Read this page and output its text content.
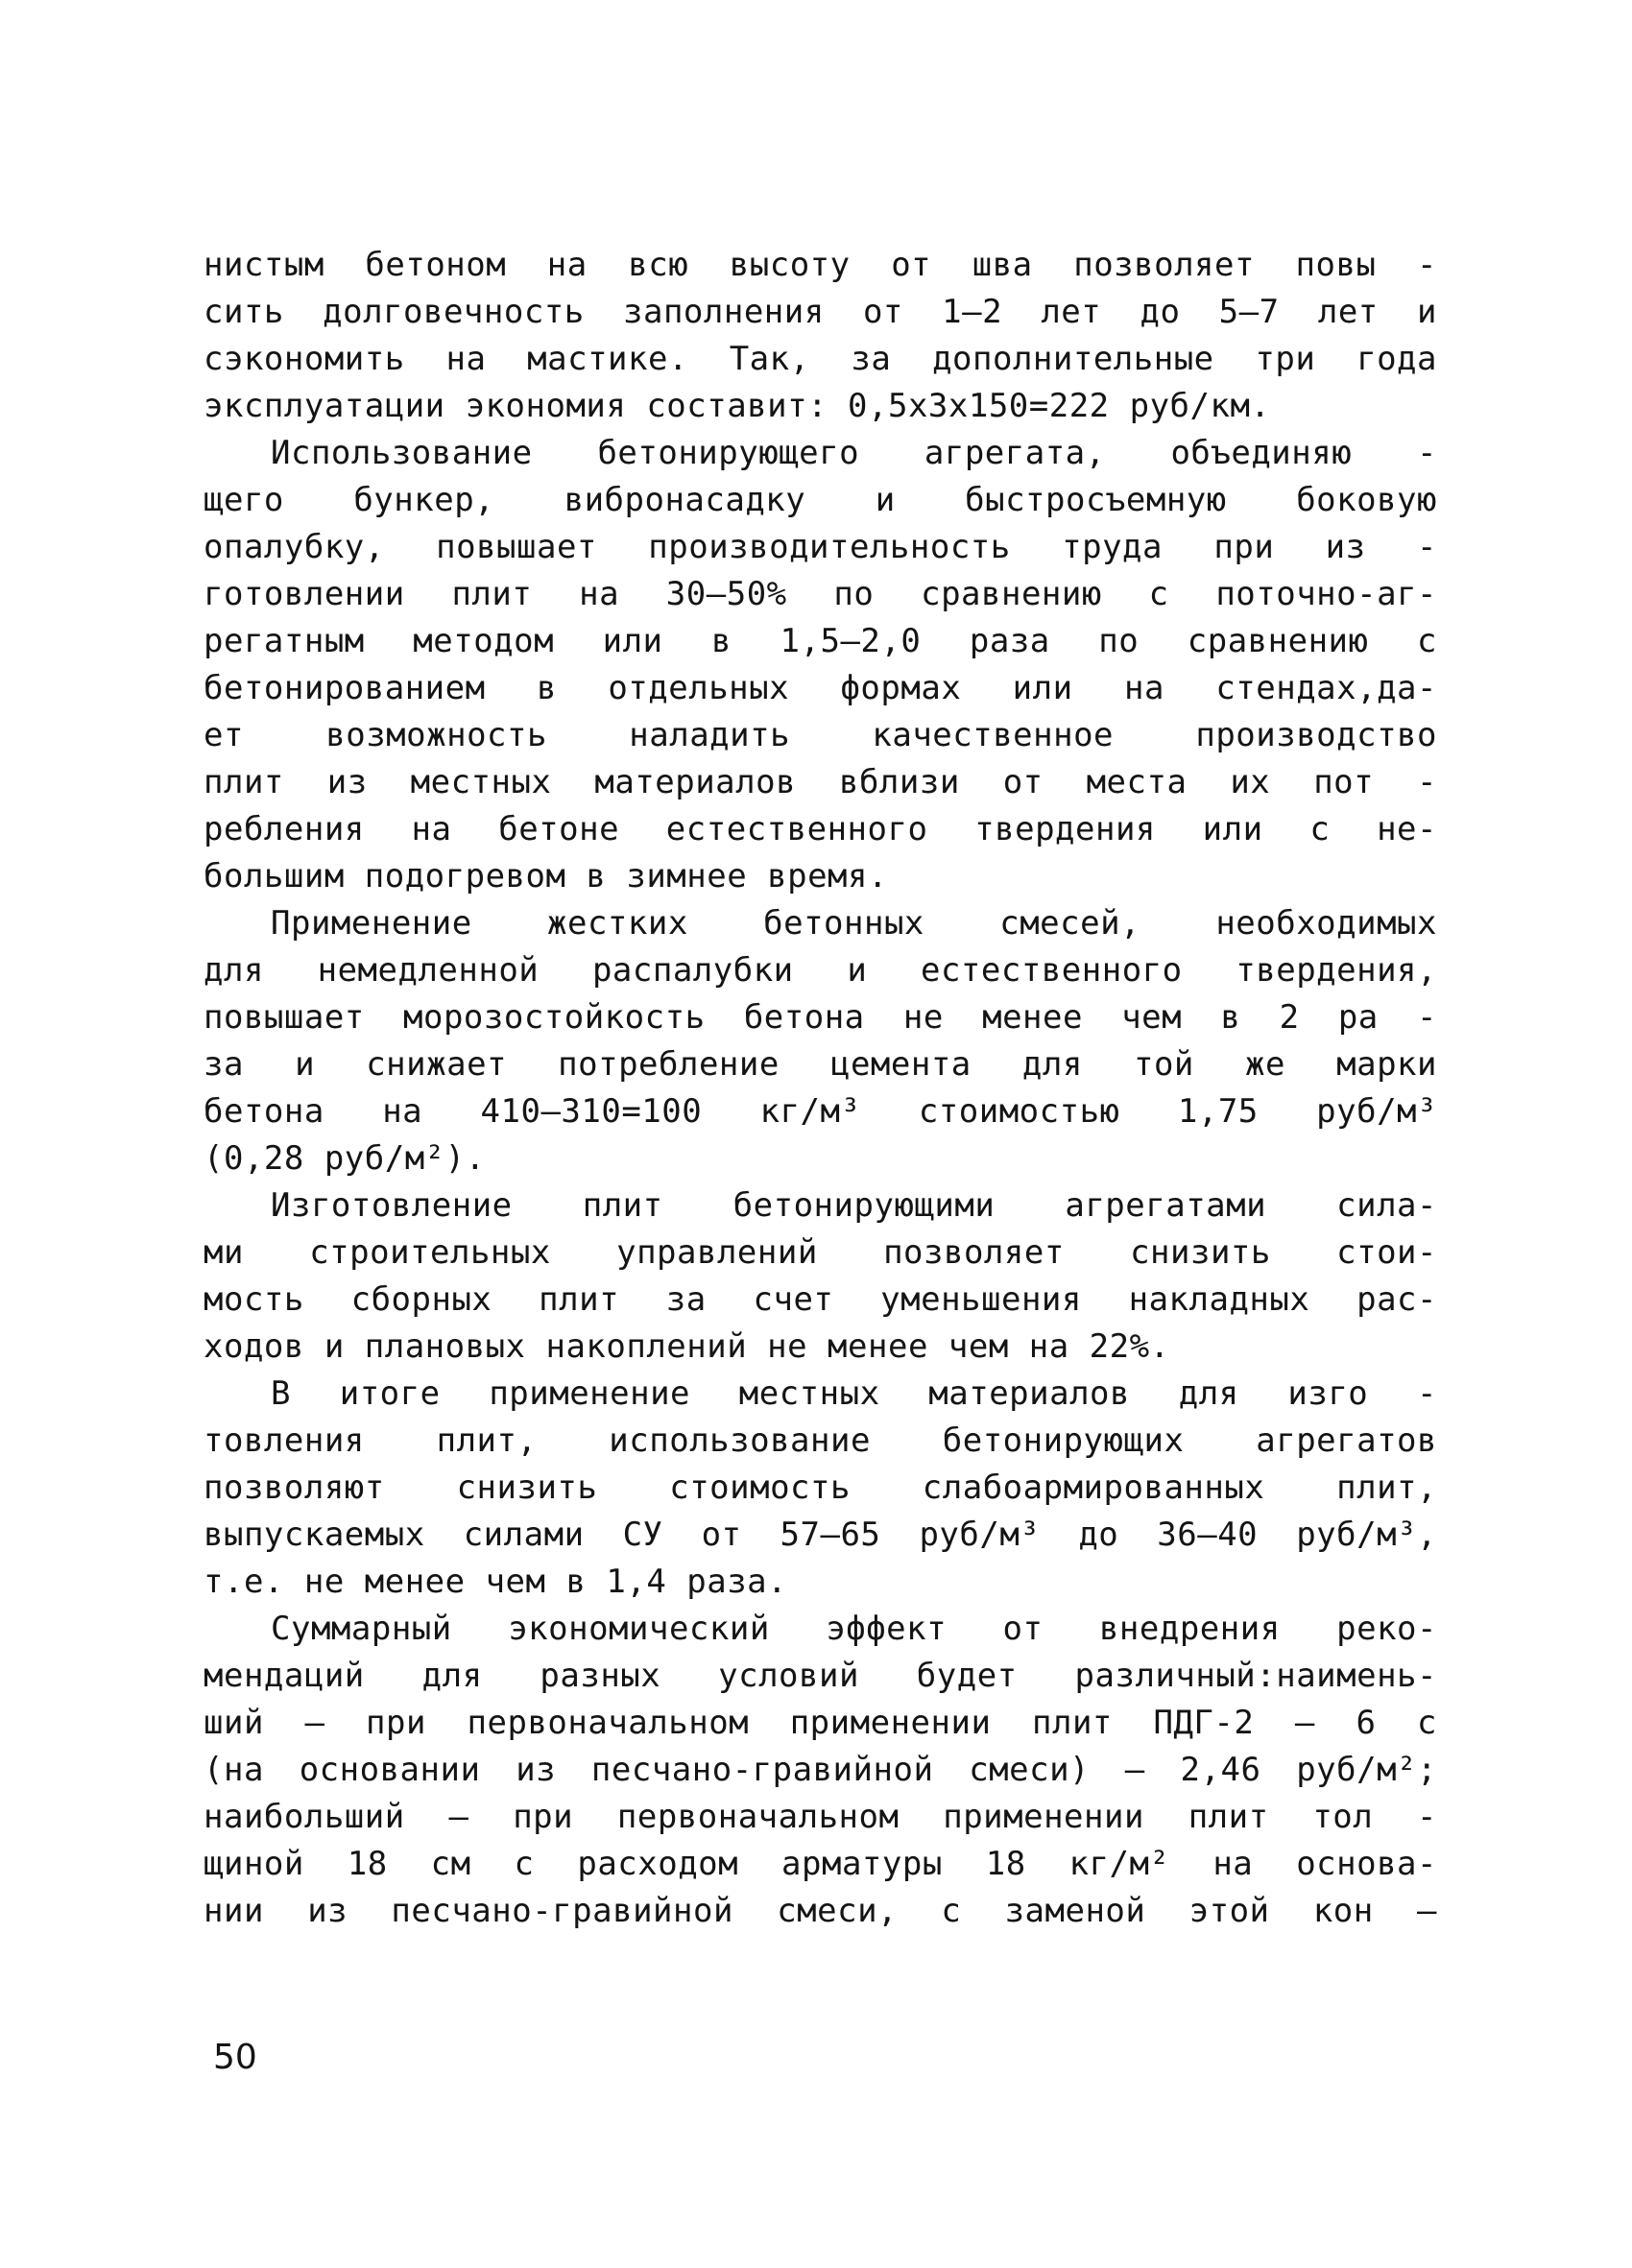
нистым бетоном на всю высоту от шва позволяет повы -
сить долговечность заполнения от 1–2 лет до 5–7 лет и
сэкономить на мастике. Так, за дополнительные три года
эксплуатации экономия составит: 0,5х3х150=222 руб/км.
Использование бетонирующего агрегата, объединяю -
щего бункер, вибронасадку и быстросъемную боковую
опалубку, повышает производительность труда при из -
готовлении плит на 30–50% по сравнению с поточно-аг-
регатным методом или в 1,5–2,0 раза по сравнению с
бетонированием в отдельных формах или на стендах,да-
ет возможность наладить качественное производство
плит из местных материалов вблизи от места их пот -
ребления на бетоне естественного твердения или с не-
большим подогревом в зимнее время.
Применение жестких бетонных смесей, необходимых
для немедленной распалубки и естественного твердения,
повышает морозостойкость бетона не менее чем в 2 ра -
за и снижает потребление цемента для той же марки
бетона на 410–310=100 кг/м³ стоимостью 1,75 руб/м³
(0,28 руб/м²).
Изготовление плит бетонирующими агрегатами сила-
ми строительных управлений позволяет снизить стои-
мость сборных плит за счет уменьшения накладных рас-
ходов и плановых накоплений не менее чем на 22%.
В итоге применение местных материалов для изго -
товления плит, использование бетонирующих агрегатов
позволяют снизить стоимость слабоармированных плит,
выпускаемых силами СУ от 57–65 руб/м³ до 36–40 руб/м³,
т.е. не менее чем в 1,4 раза.
Суммарный экономический эффект от внедрения реко-
мендаций для разных условий будет различный:наимень-
ший – при первоначальном применении плит ПДГ-2 – 6 с
(на основании из песчано-гравийной смеси) – 2,46 руб/м²;
наибольший – при первоначальном применении плит тол -
щиной 18 см с расходом арматуры 18 кг/м² на основа-
нии из песчано-гравийной смеси, с заменой этой кон –
50
